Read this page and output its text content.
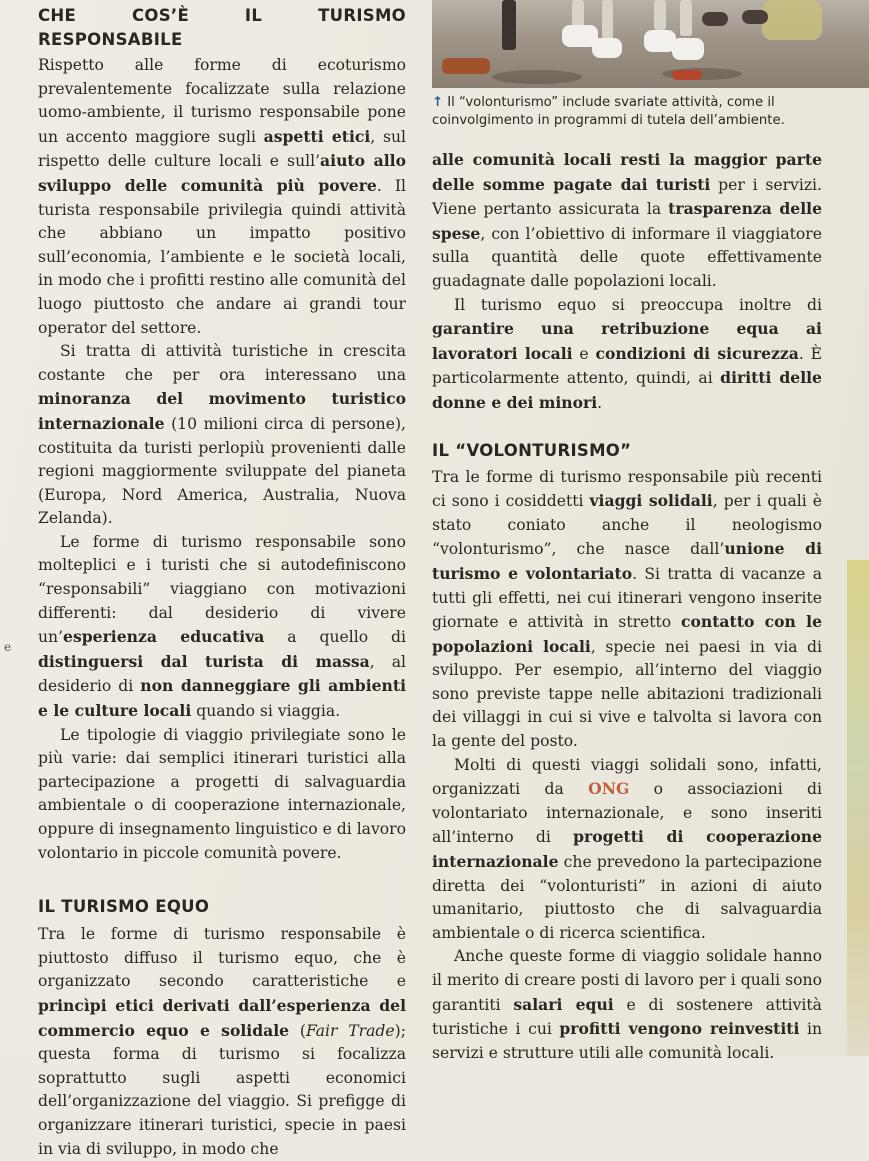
↑ Il “volonturismo” include svariate attività, come il coinvolgimento in programmi di tutela dell’ambiente.
e
CHE COS’È IL TURISMO RESPONSABILE

Rispetto alle forme di ecoturismo prevalentemente focalizzate sulla relazione uomo-ambiente, il turismo responsabile pone un accento maggiore sugli aspetti etici, sul rispetto delle culture locali e sull’aiuto allo sviluppo delle comunità più povere. Il turista responsabile privilegia quindi attività che abbiano un impatto positivo sull’economia, l’ambiente e le società locali, in modo che i profitti restino alle comunità del luogo piuttosto che andare ai grandi tour operator del settore.

Si tratta di attività turistiche in crescita costante che per ora interessano una minoranza del movimento turistico internazionale (10 milioni circa di persone), costituita da turisti perlopiù provenienti dalle regioni maggiormente sviluppate del pianeta (Europa, Nord America, Australia, Nuova Zelanda).

Le forme di turismo responsabile sono molteplici e i turisti che si autodefiniscono “responsabili” viaggiano con motivazioni differenti: dal desiderio di vivere un’esperienza educativa a quello di distinguersi dal turista di massa, al desiderio di non danneggiare gli ambienti e le culture locali quando si viaggia.

Le tipologie di viaggio privilegiate sono le più varie: dai semplici itinerari turistici alla partecipazione a progetti di salvaguardia ambientale o di cooperazione internazionale, oppure di insegnamento linguistico e di lavoro volontario in piccole comunità povere.

IL TURISMO EQUO

Tra le forme di turismo responsabile è piuttosto diffuso il turismo equo, che è organizzato secondo caratteristiche e princìpi etici derivati dall’esperienza del commercio equo e solidale (Fair Trade); questa forma di turismo si focalizza soprattutto sugli aspetti economici dell’organizzazione del viaggio. Si prefigge di organizzare itinerari turistici, specie in paesi in via di sviluppo, in modo che

alle comunità locali resti la maggior parte delle somme pagate dai turisti per i servizi. Viene pertanto assicurata la trasparenza delle spese, con l’obiettivo di informare il viaggiatore sulla quantità delle quote effettivamente guadagnate dalle popolazioni locali.

Il turismo equo si preoccupa inoltre di garantire una retribuzione equa ai lavoratori locali e condizioni di sicurezza. È particolarmente attento, quindi, ai diritti delle donne e dei minori.

IL “VOLONTURISMO”

Tra le forme di turismo responsabile più recenti ci sono i cosiddetti viaggi solidali, per i quali è stato coniato anche il neologismo “volonturismo”, che nasce dall’unione di turismo e volontariato. Si tratta di vacanze a tutti gli effetti, nei cui itinerari vengono inserite giornate e attività in stretto contatto con le popolazioni locali, specie nei paesi in via di sviluppo. Per esempio, all’interno del viaggio sono previste tappe nelle abitazioni tradizionali dei villaggi in cui si vive e talvolta si lavora con la gente del posto.

Molti di questi viaggi solidali sono, infatti, organizzati da ONG o associazioni di volontariato internazionale, e sono inseriti all’interno di progetti di cooperazione internazionale che prevedono la partecipazione diretta dei “volonturisti” in azioni di aiuto umanitario, piuttosto che di salvaguardia ambientale o di ricerca scientifica.

Anche queste forme di viaggio solidale hanno il merito di creare posti di lavoro per i quali sono garantiti salari equi e di sostenere attività turistiche i cui profitti vengono reinvestiti in servizi e strutture utili alle comunità locali.
